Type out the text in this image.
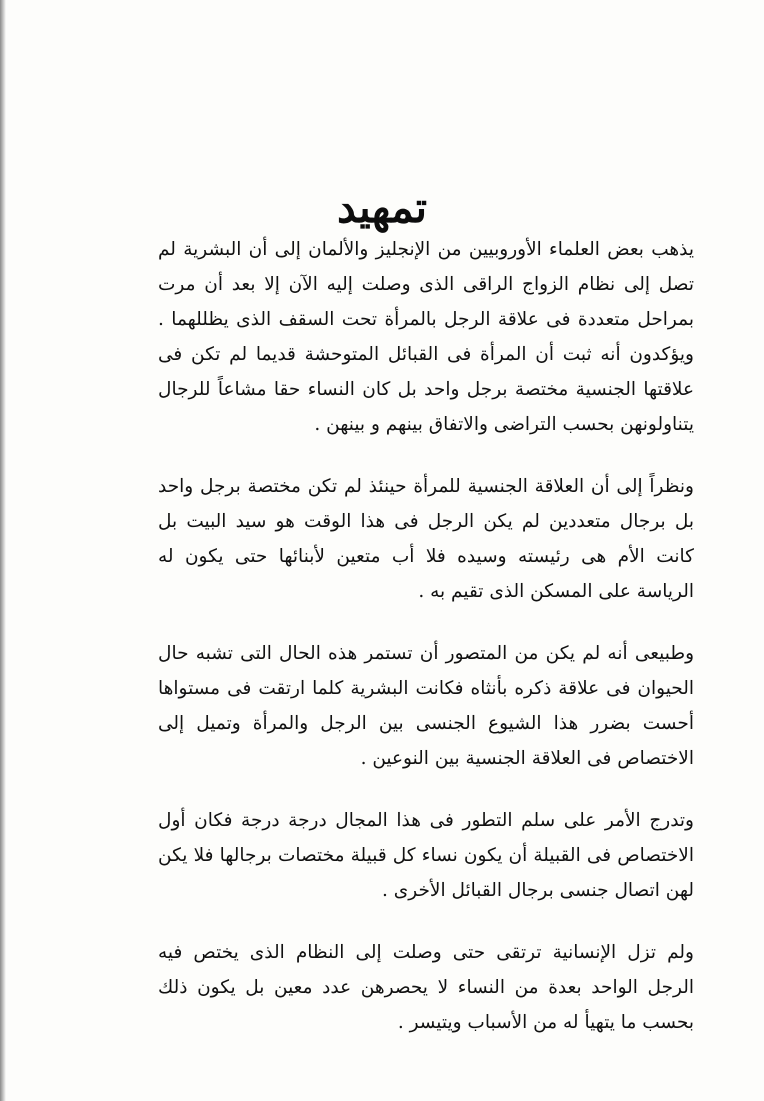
تمهيد

يذهب بعض العلماء الأوروبيين من الإنجليز والألمان إلى أن البشرية لم تصل إلى نظام الزواج الراقى الذى وصلت إليه الآن إلا بعد أن مرت بمراحل متعددة فى علاقة الرجل بالمرأة تحت السقف الذى يظللهما . ويؤكدون أنه ثبت أن المرأة فى القبائل المتوحشة قديما لم تكن فى علاقتها الجنسية مختصة برجل واحد بل كان النساء حقا مشاعاً للرجال يتناولونهن بحسب التراضى والاتفاق بينهم و بينهن .

ونظراً إلى أن العلاقة الجنسية للمرأة حينئذ لم تكن مختصة برجل واحد بل برجال متعددين لم يكن الرجل فى هذا الوقت هو سيد البيت بل كانت الأم هى رئيسته وسيده فلا أب متعين لأبنائها حتى يكون له الرياسة على المسكن الذى تقيم به .

وطبيعى أنه لم يكن من المتصور أن تستمر هذه الحال التى تشبه حال الحيوان فى علاقة ذكره بأنثاه فكانت البشرية كلما ارتقت فى مستواها أحست بضرر هذا الشيوع الجنسى بين الرجل والمرأة وتميل إلى الاختصاص فى العلاقة الجنسية بين النوعين .

وتدرج الأمر على سلم التطور فى هذا المجال درجة درجة فكان أول الاختصاص فى القبيلة أن يكون نساء كل قبيلة مختصات برجالها فلا يكن لهن اتصال جنسى برجال القبائل الأخرى .

ولم تزل الإنسانية ترتقى حتى وصلت إلى النظام الذى يختص فيه الرجل الواحد بعدة من النساء لا يحصرهن عدد معين بل يكون ذلك بحسب ما يتهيأ له من الأسباب ويتيسر .
